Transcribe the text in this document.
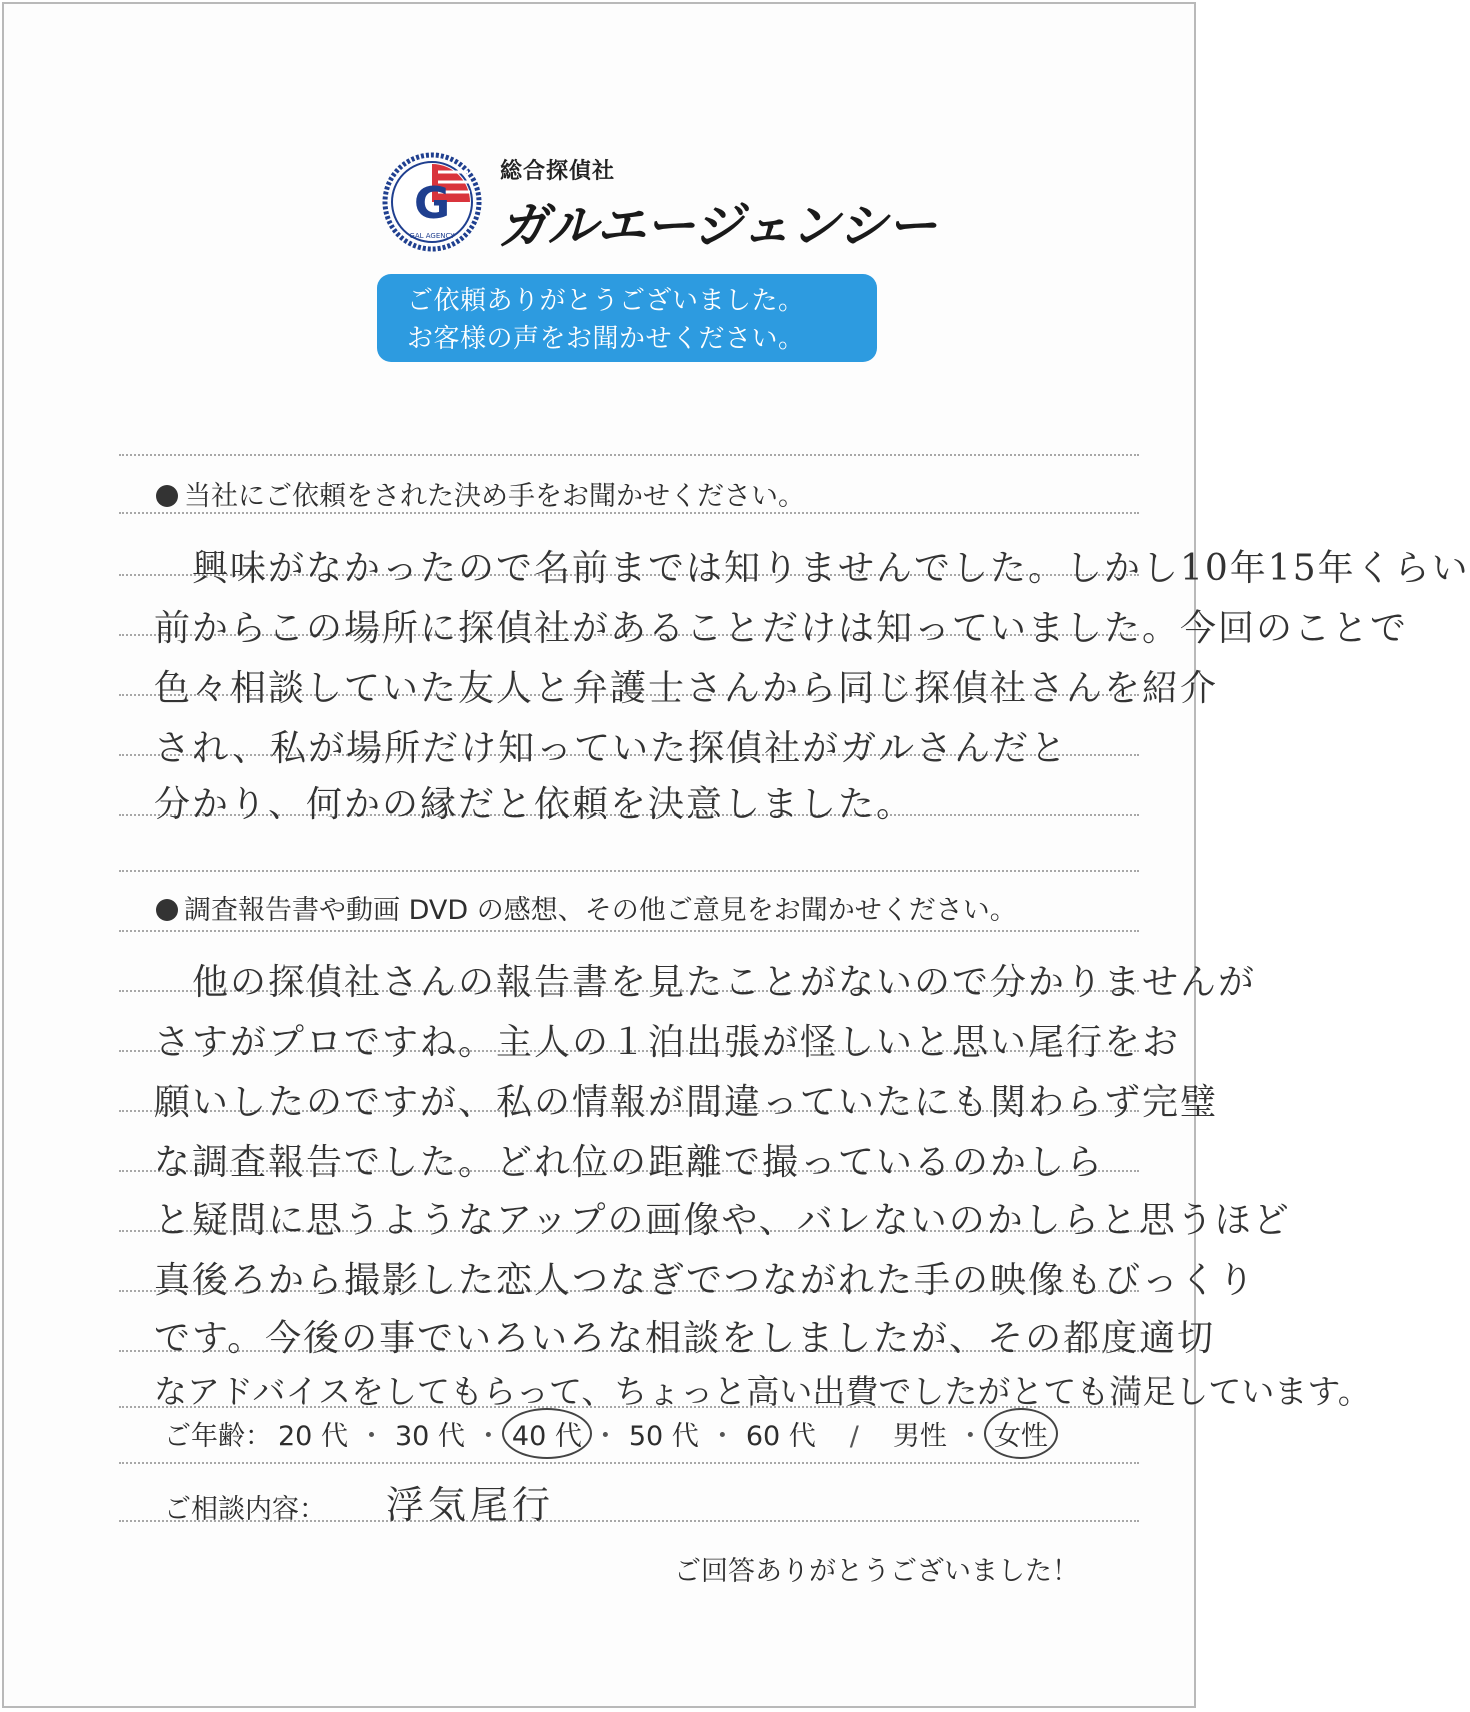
G
GAL AGENCY
総合探偵社
ガルエージェンシー
ご依頼ありがとうございました。
お客様の声をお聞かせください。
当社にご依頼をされた決め手をお聞かせください。
　興味がなかったので名前までは知りませんでした。しかし10年15年くらい
前からこの場所に探偵社があることだけは知っていました。今回のことで
色々相談していた友人と弁護士さんから同じ探偵社さんを紹介
され、私が場所だけ知っていた探偵社がガルさんだと
分かり、何かの縁だと依頼を決意しました。
調査報告書や動画 DVD の感想、その他ご意見をお聞かせください。
　他の探偵社さんの報告書を見たことがないので分かりませんが
さすがプロですね。主人の１泊出張が怪しいと思い尾行をお
願いしたのですが、私の情報が間違っていたにも関わらず完璧
な調査報告でした。どれ位の距離で撮っているのかしら
と疑問に思うようなアップの画像や、バレないのかしらと思うほど
真後ろから撮影した恋人つなぎでつながれた手の映像もびっくり
です。今後の事でいろいろな相談をしましたが、その都度適切
なアドバイスをしてもらって、ちょっと高い出費でしたがとても満足しています。
ご年齢： 20 代 ・ 30 代 ・ 40 代 ・ 50 代 ・ 60 代 / 男性 ・ 女性
ご相談内容： 浮気尾行
ご回答ありがとうございました！
